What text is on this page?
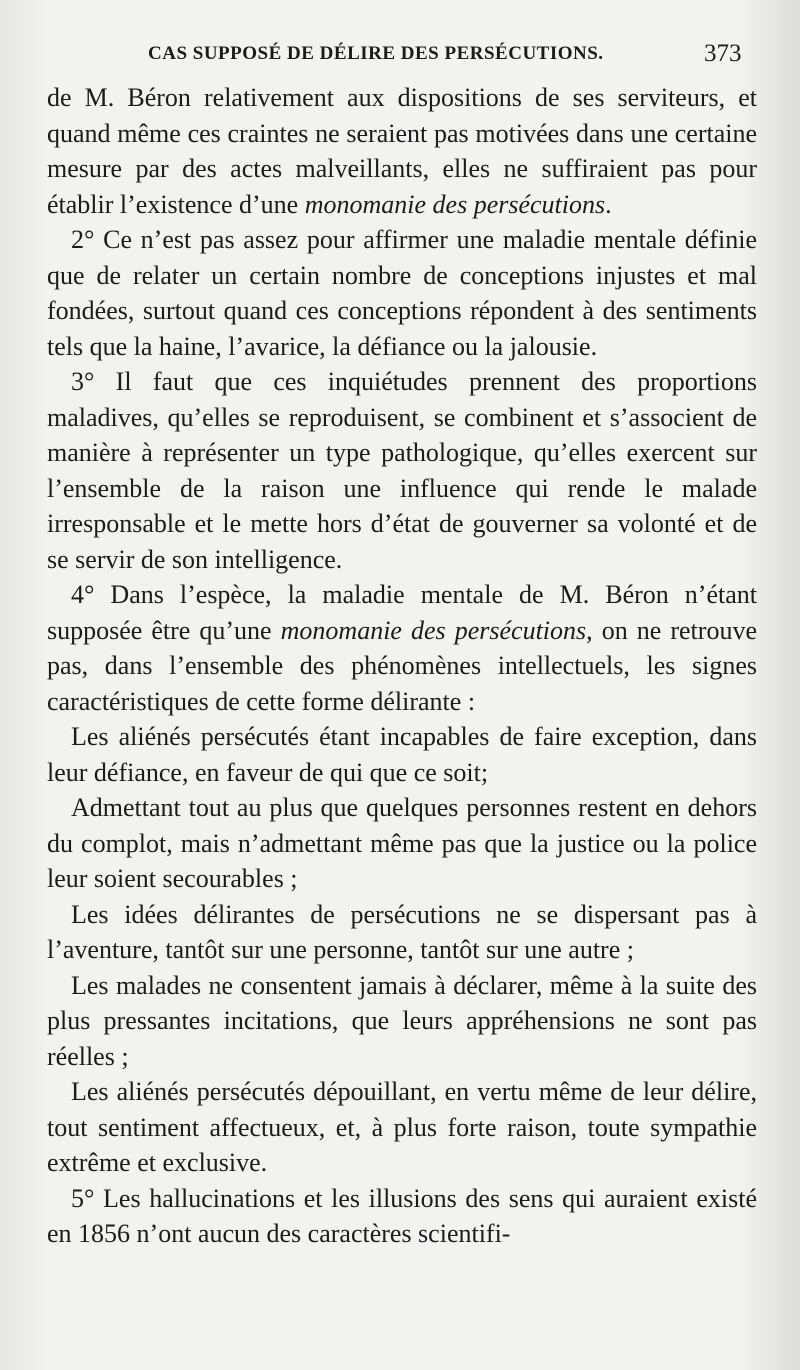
CAS SUPPOSÉ DE DÉLIRE DES PERSÉCUTIONS.	373

de M. Béron relativement aux dispositions de ses serviteurs, et quand même ces craintes ne seraient pas motivées dans une certaine mesure par des actes malveillants, elles ne suffiraient pas pour établir l’existence d’une monomanie des persécutions.

2° Ce n’est pas assez pour affirmer une maladie mentale définie que de relater un certain nombre de conceptions injustes et mal fondées, surtout quand ces conceptions répondent à des sentiments tels que la haine, l’avarice, la défiance ou la jalousie.

3° Il faut que ces inquiétudes prennent des proportions maladives, qu’elles se reproduisent, se combinent et s’associent de manière à représenter un type pathologique, qu’elles exercent sur l’ensemble de la raison une influence qui rende le malade irresponsable et le mette hors d’état de gouverner sa volonté et de se servir de son intelligence.

4° Dans l’espèce, la maladie mentale de M. Béron n’étant supposée être qu’une monomanie des persécutions, on ne retrouve pas, dans l’ensemble des phénomènes intellectuels, les signes caractéristiques de cette forme délirante :

Les aliénés persécutés étant incapables de faire exception, dans leur défiance, en faveur de qui que ce soit;

Admettant tout au plus que quelques personnes restent en dehors du complot, mais n’admettant même pas que la justice ou la police leur soient secourables ;

Les idées délirantes de persécutions ne se dispersant pas à l’aventure, tantôt sur une personne, tantôt sur une autre ;

Les malades ne consentent jamais à déclarer, même à la suite des plus pressantes incitations, que leurs appréhensions ne sont pas réelles ;

Les aliénés persécutés dépouillant, en vertu même de leur délire, tout sentiment affectueux, et, à plus forte raison, toute sympathie extrême et exclusive.

5° Les hallucinations et les illusions des sens qui auraient existé en 1856 n’ont aucun des caractères scientifi-
